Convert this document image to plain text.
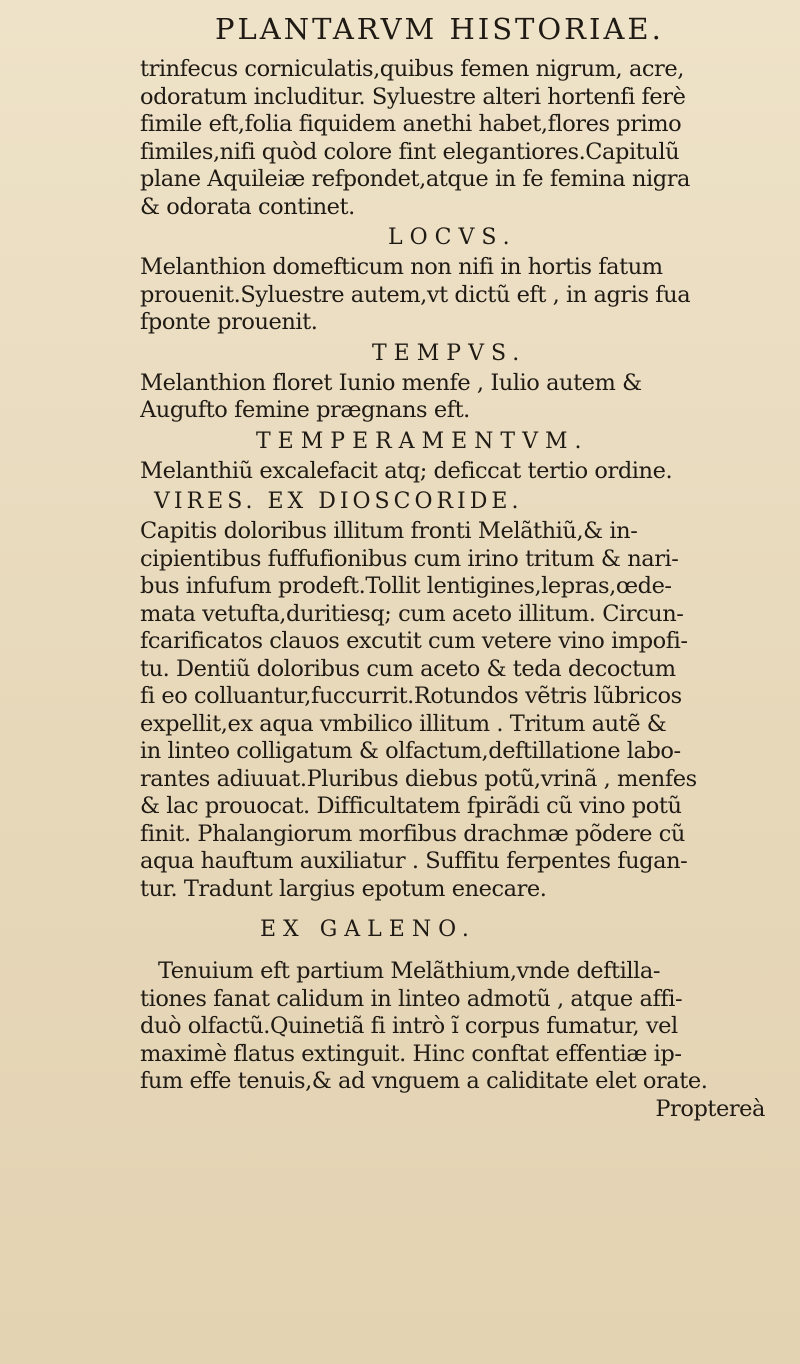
PLANTARVM HISTORIAE.
trinfecus corniculatis,quibus femen nigrum, acre,
odoratum includitur. Syluestre alteri hortenfi ferè
fimile eft,folia fiquidem anethi habet,flores primo
fimiles,nifi quòd colore fint elegantiores.Capitulũ
plane Aquileiæ refpondet,atque in fe femina nigra
& odorata continet.
LOCVS.
Melanthion domefticum non nifi in hortis fatum
prouenit.Syluestre autem,vt dictũ eft , in agris fua
fponte prouenit.
TEMPVS.
Melanthion floret Iunio menfe , Iulio autem &
Augufto femine prægnans eft.
TEMPERAMENTVM.
Melanthiũ excalefacit atq; deficcat tertio ordine.
VIRES. EX DIOSCORIDE.
Capitis doloribus illitum fronti Melãthiũ,& in-
cipientibus fuffufionibus cum irino tritum & nari-
bus infufum prodeft.Tollit lentigines,lepras,œde-
mata vetufta,duritiesq; cum aceto illitum. Circun-
fcarificatos clauos excutit cum vetere vino impofi-
tu. Dentiũ doloribus cum aceto & teda decoctum
fi eo colluantur,fuccurrit.Rotundos vẽtris lũbricos
expellit,ex aqua vmbilico illitum . Tritum autẽ &
in linteo colligatum & olfactum,deftillatione labo-
rantes adiuuat.Pluribus diebus potũ,vrinã , menfes
& lac prouocat. Difficultatem fpirãdi cũ vino potũ
finit. Phalangiorum morfibus drachmæ põdere cũ
aqua hauftum auxiliatur . Suffitu ferpentes fugan-
tur. Tradunt largius epotum enecare.
EX GALENO.
Tenuium eft partium Melãthium,vnde deftilla-
tiones fanat calidum in linteo admotũ , atque affi-
duò olfactũ.Quinetiã fi intrò ĩ corpus fumatur, vel
maximè flatus extinguit. Hinc conftat effentiæ ip-
fum effe tenuis,& ad vnguem a caliditate elet orate.
Proptereà
